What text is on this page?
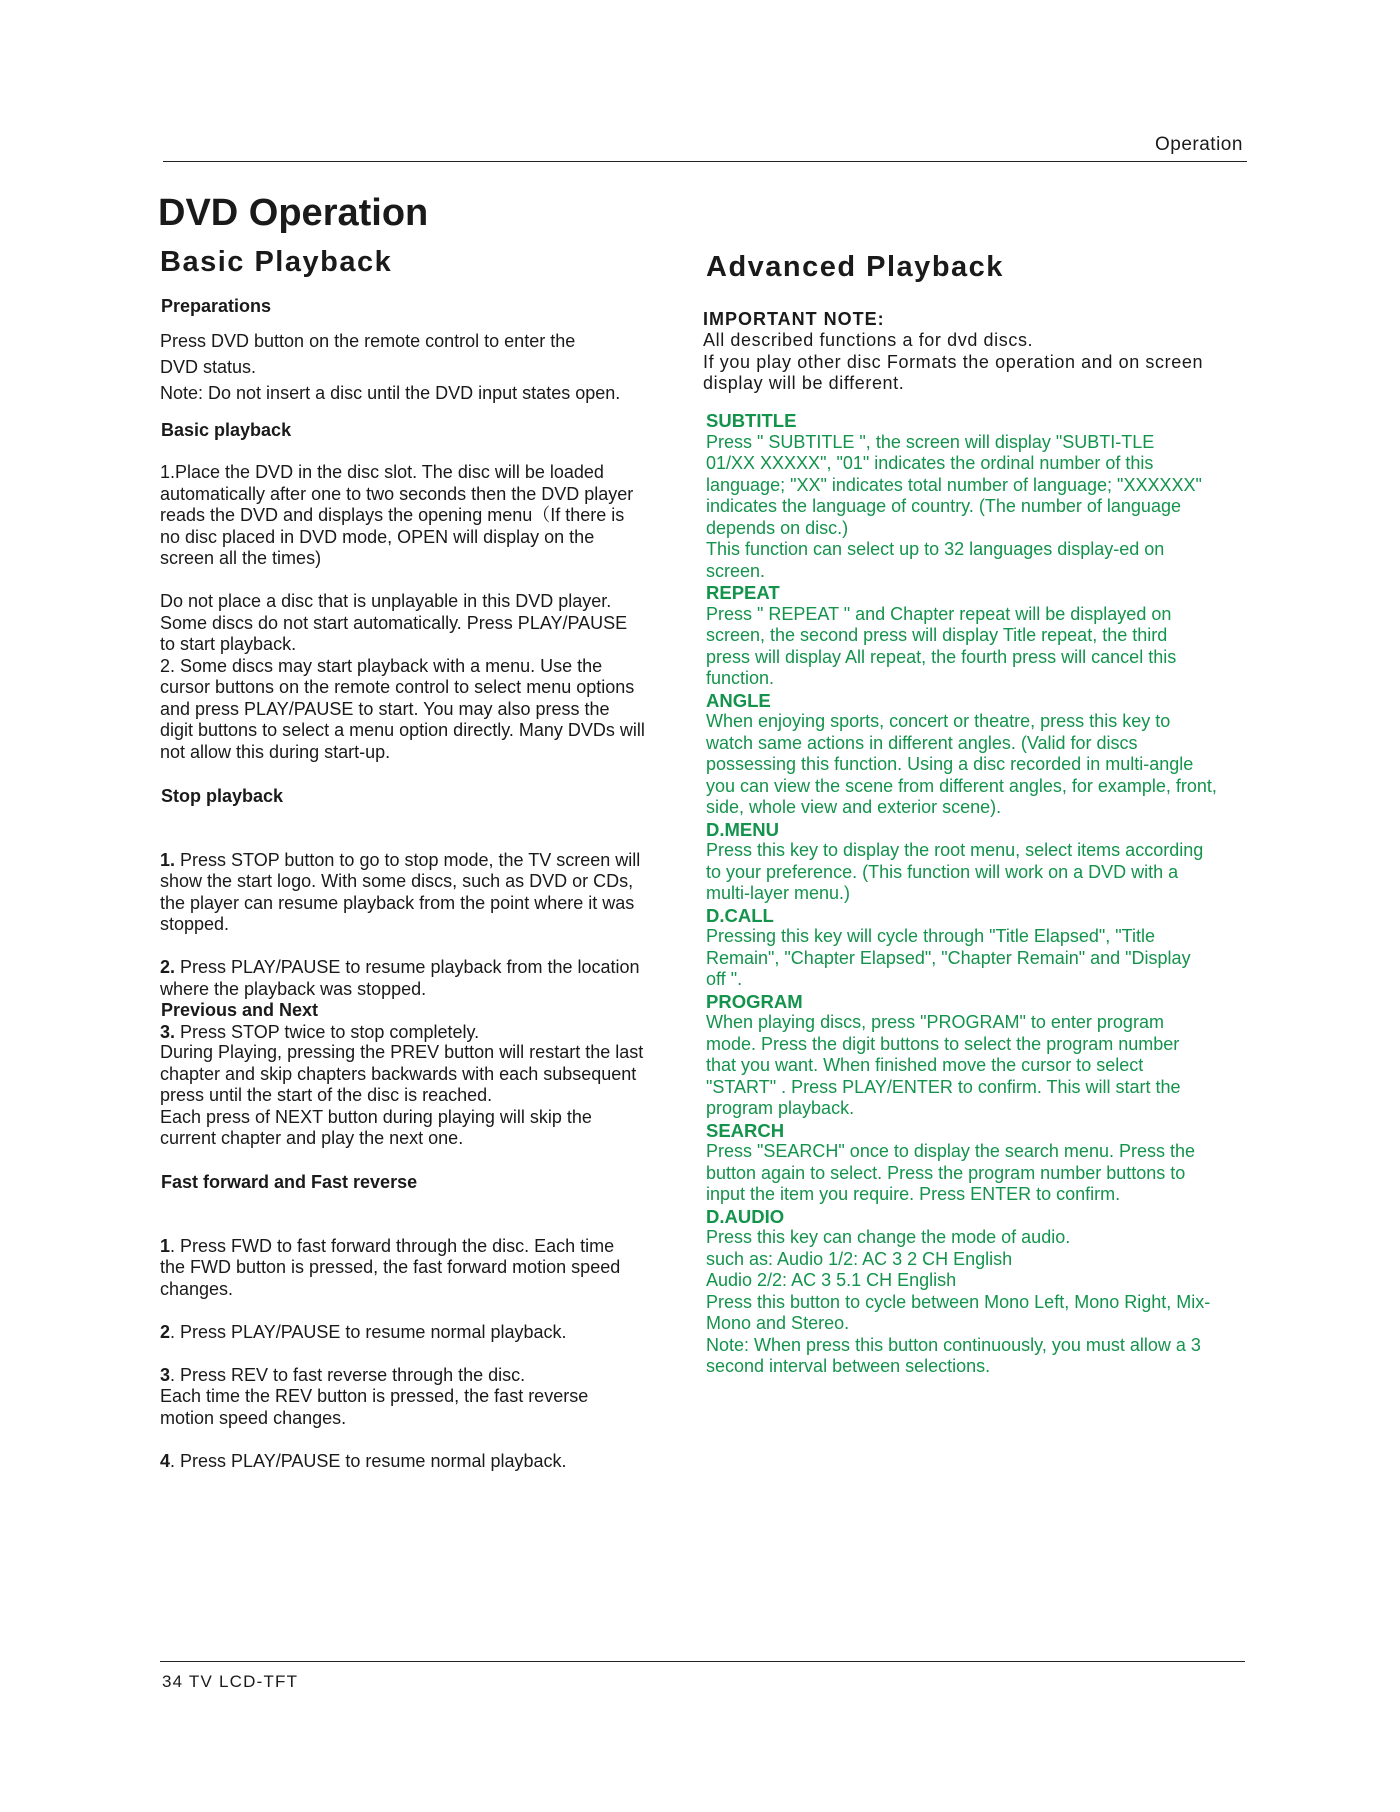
Operation
DVD Operation
Basic Playback
Preparations

Press DVD button on the remote control to enter the
DVD status.
Note: Do not insert a disc until the DVD input states open.

Basic playback

1.Place the DVD in the disc slot. The disc will be loaded
automatically after one to two seconds then the DVD player
reads the DVD and displays the opening menu（If there is
no disc placed in DVD mode, OPEN will display on the
screen all the times)

Do not place a disc that is unplayable in this DVD player.
Some discs do not start automatically. Press PLAY/PAUSE
to start playback.
2. Some discs may start playback with a menu. Use the
cursor buttons on the remote control to select menu options
and press PLAY/PAUSE to start. You may also press the
digit buttons to select a menu option directly. Many DVDs will
not allow this during start-up.

Stop playback

1. Press STOP button to go to stop mode, the TV screen will
show the start logo. With some discs, such as DVD or CDs,
the player can resume playback from the point where it was
stopped.

2. Press PLAY/PAUSE to resume playback from the location
where the playback was stopped.

3. Press STOP twice to stop completely.

Previous and Next

During Playing, pressing the PREV button will restart the last
chapter and skip chapters backwards with each subsequent
press until the start of the disc is reached.
Each press of NEXT button during playing will skip the
current chapter and play the next one.

Fast forward and Fast reverse

1. Press FWD to fast forward through the disc. Each time
the FWD button is pressed, the fast forward motion speed
changes.

2. Press PLAY/PAUSE to resume normal playback.

3. Press REV to fast reverse through the disc.
Each time the REV button is pressed, the fast reverse
motion speed changes.

4. Press PLAY/PAUSE to resume normal playback.

Advanced Playback
IMPORTANT NOTE:

All described functions a for dvd discs.
If you play other disc Formats the operation and on screen
display will be different.

SUBTITLE

Press " SUBTITLE ", the screen will display "SUBTI-TLE
01/XX XXXXX", "01" indicates the ordinal number of this
language; "XX" indicates total number of language; "XXXXXX"
indicates the language of country. (The number of language
depends on disc.)
This function can select up to 32 languages display-ed on
screen.

REPEAT

Press " REPEAT " and Chapter repeat will be displayed on
screen, the second press will display Title repeat, the third
press will display All repeat, the fourth press will cancel this
function.

ANGLE

When enjoying sports, concert or theatre, press this key to
watch same actions in different angles. (Valid for discs
possessing this function. Using a disc recorded in multi-angle
you can view the scene from different angles, for example, front,
side, whole view and exterior scene).

D.MENU

Press this key to display the root menu, select items according
to your preference. (This function will work on a DVD with a
multi-layer menu.)

D.CALL

Pressing this key will cycle through "Title Elapsed", "Title
Remain", "Chapter Elapsed", "Chapter Remain" and "Display
off ".

PROGRAM

When playing discs, press "PROGRAM" to enter program
mode. Press the digit buttons to select the program number
that you want. When finished move the cursor to select
"START" . Press PLAY/ENTER to confirm. This will start the
program playback.

SEARCH

Press "SEARCH" once to display the search menu. Press the
button again to select. Press the program number buttons to
input the item you require. Press ENTER to confirm.

D.AUDIO

Press this key can change the mode of audio.
such as: Audio 1/2: AC 3 2 CH English
Audio 2/2: AC 3 5.1 CH English
Press this button to cycle between Mono Left, Mono Right, Mix-
Mono and Stereo.
Note: When press this button continuously, you must allow a 3
second interval between selections.

34 TV LCD-TFT
